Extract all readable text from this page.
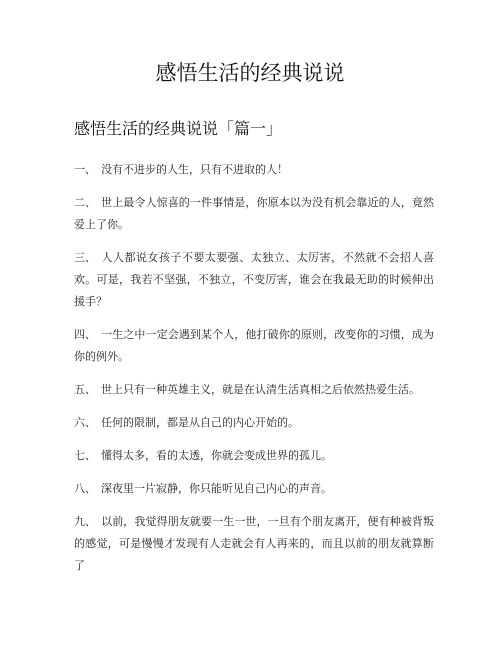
感悟生活的经典说说
感悟生活的经典说说「篇一」

一、 没有不进步的人生，只有不进取的人！

二、 世上最令人惊喜的一件事情是，你原本以为没有机会靠近的人，竟然爱上了你。

三、 人人都说女孩子不要太要强、太独立、太厉害，不然就不会招人喜欢。可是，我若不坚强，不独立，不变厉害，谁会在我最无助的时候伸出援手？

四、 一生之中一定会遇到某个人，他打破你的原则，改变你的习惯，成为你的例外。

五、 世上只有一种英雄主义，就是在认清生活真相之后依然热爱生活。

六、 任何的限制，都是从自己的内心开始的。

七、 懂得太多，看的太透，你就会变成世界的孤儿。

八、 深夜里一片寂静，你只能听见自己内心的声音。

九、 以前，我觉得朋友就要一生一世，一旦有个朋友离开，便有种被背叛的感觉，可是慢慢才发现有人走就会有人再来的，而且以前的朋友就算断了
